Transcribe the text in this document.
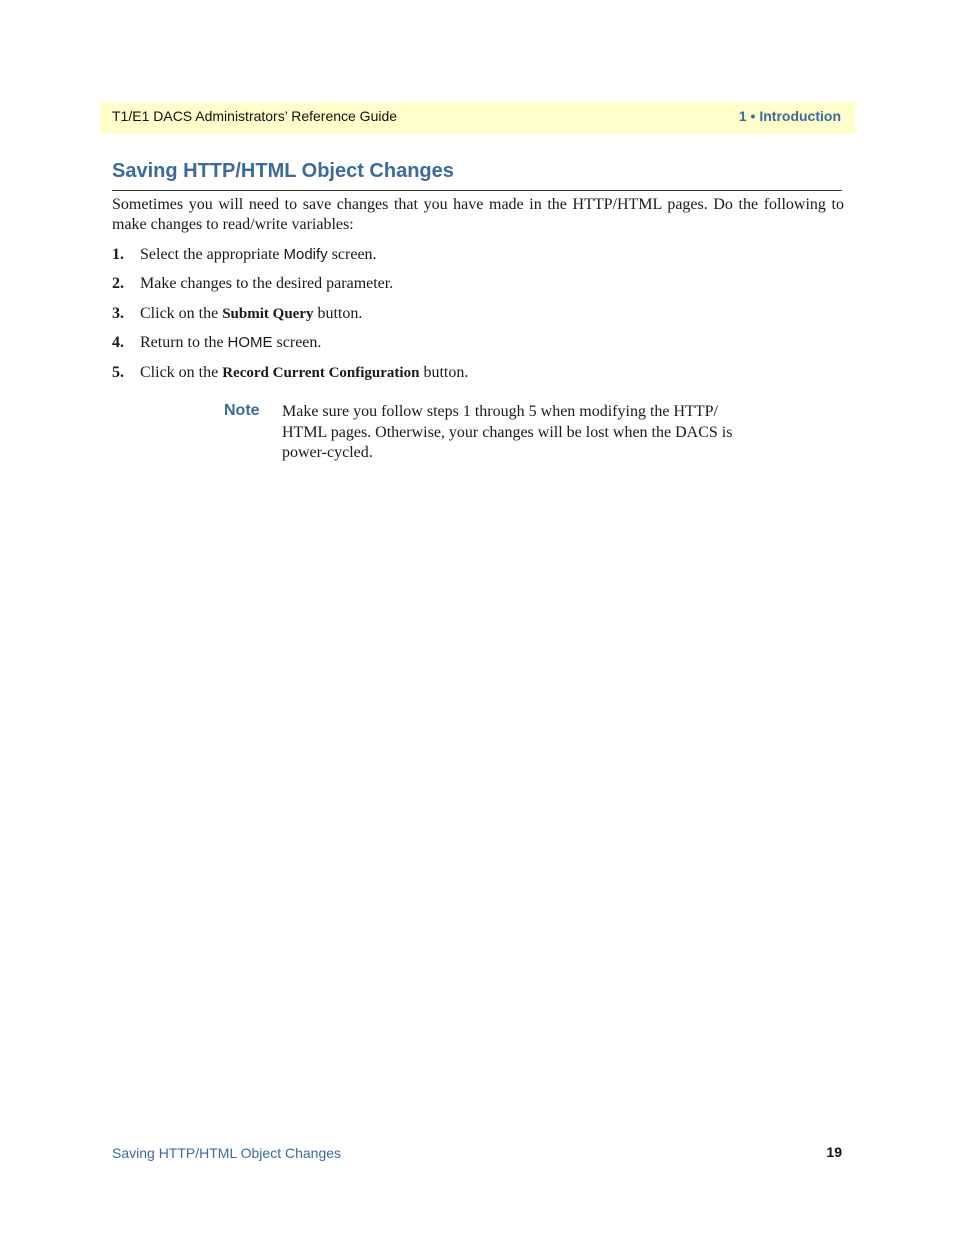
T1/E1 DACS Administrators’ Reference Guide	1 • Introduction
Saving HTTP/HTML Object Changes

Sometimes you will need to save changes that you have made in the HTTP/HTML pages. Do the following to make changes to read/write variables:

1. Select the appropriate Modify screen.
2. Make changes to the desired parameter.
3. Click on the Submit Query button.
4. Return to the HOME screen.
5. Click on the Record Current Configuration button.
Note Make sure you follow steps 1 through 5 when modifying the HTTP/ HTML pages. Otherwise, your changes will be lost when the DACS is power-cycled.

Saving HTTP/HTML Object Changes	19
